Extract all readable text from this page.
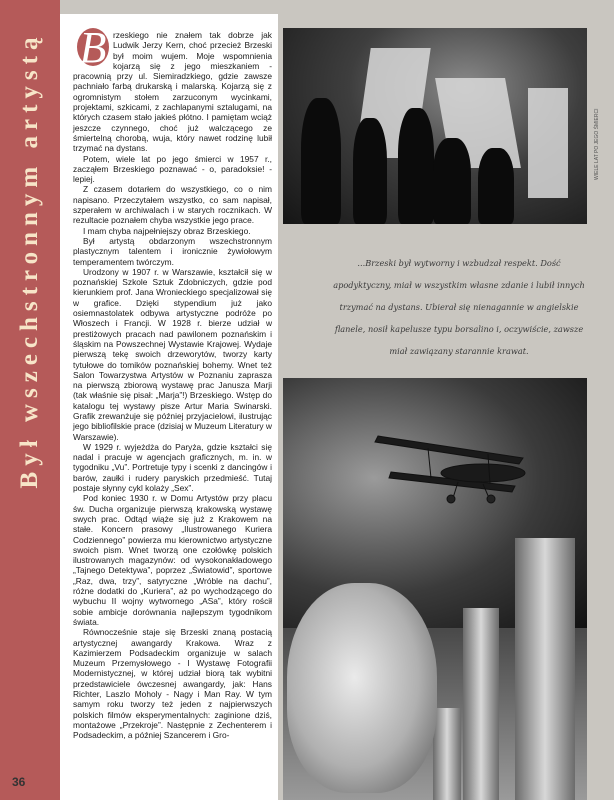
Był wszechstronnym artystą B rzeskiego nie znałem tak dobrze jak Ludwik Jerzy Kern, choć przecież Brzeski był moim wujem. Moje wspomnienia kojarzą się z jego mieszkaniem - pracownią przy ul. Siemiradzkiego, gdzie zawsze pachniało farbą drukarską i malarską. Kojarzą się z ogromnistym stołem zarzuconym wycinkami, projektami, szkicami, z zachlapanymi sztalugami, na których czasem stało jakieś płótno. I pamiętam wciąż jeszcze czynnego, choć już walczącego ze śmiertelną chorobą, wuja, który nawet rodzinę lubił trzymać na dystans.

Potem, wiele lat po jego śmierci w 1957 r., zacząłem Brzeskiego poznawać - o, paradoksie! - lepiej.

Z czasem dotarłem do wszystkiego, co o nim napisano. Przeczytałem wszystko, co sam napisał, szperałem w archiwalach i w starych rocznikach. W rezultacie poznałem chyba wszystkie jego prace.

I mam chyba najpełniejszy obraz Brzeskiego.

Był artystą obdarzonym wszechstronnym plastycznym talentem i ironicznie żywiołowym temperamentem twórczym.

Urodzony w 1907 r. w Warszawie, kształcił się w poznańskiej Szkole Sztuk Zdobniczych, gdzie pod kierunkiem prof. Jana Wronieckiego specjalizował się w grafice. Dzięki stypendium już jako osiemnastolatek odbywa artystyczne podróże po Włoszech i Francji. W 1928 r. bierze udział w prestiżowych pracach nad pawilonem poznańskim i śląskim na Powszechnej Wystawie Krajowej. Wydaje pierwszą tekę swoich drzeworytów, tworzy karty tytułowe do tomików poznańskiej bohemy. Wnet też Salon Towarzystwa Artystów w Poznaniu zaprasza na pierwszą zbiorową wystawę prac Janusza Marji (tak właśnie się pisał: „Marja”!) Brzeskiego. Wstęp do katalogu tej wystawy pisze Artur Maria Swinarski. Grafik zrewanżuje się później przyjacielowi, ilustrując jego bibliofilskie prace (dzisiaj w Muzeum Literatury w Warszawie).

W 1929 r. wyjeżdża do Paryża, gdzie kształci się nadal i pracuje w agencjach graficznych, m. in. w tygodniku „Vu”. Portretuje typy i scenki z dancingów i barów, zaułki i rudery paryskich przedmieść. Tutaj postaje słynny cykl kolaży „Sex”.

Pod koniec 1930 r. w Domu Artystów przy placu św. Ducha organizuje pierwszą krakowską wystawę swych prac. Odtąd wiąże się już z Krakowem na stałe. Koncern prasowy „Ilustrowanego Kuriera Codziennego” powierza mu kierownictwo artystyczne swoich pism. Wnet tworzą one czołówkę polskich ilustrowanych magazynów: od wysokonakładowego „Tajnego Detektywa”, poprzez „Światowid”, sportowe „Raz, dwa, trzy”, satyryczne „Wróble na dachu”, różne dodatki do „Kuriera”, aż po wychodzącego do wybuchu II wojny wytwornego „ASa”, który rościł sobie ambicje dorównania najlepszym tygodnikom świata.

Równocześnie staje się Brzeski znaną postacią artystycznej awangardy Krakowa. Wraz z Kazimierzem Podsadeckim organizuje w salach Muzeum Przemysłowego - I Wystawę Fotografii Modernistycznej, w której udział biorą tak wybitni przedstawiciele ówczesnej awangardy, jak: Hans Richter, Laszlo Moholy - Nagy i Man Ray. W tym samym roku tworzy też jeden z najpierwszych polskich filmów eksperymentalnych: zaginione dziś, montażowe „Przekroje”. Następnie z Zechenterem i Podsadeckim, a później Szancerem i Gro-

WIELE LAT PO JEGO ŚMIERCI
...Brzeski był wytworny i wzbudzał respekt. Dość apodyktyczny, miał w wszystkim własne zdanie i lubił innych trzymać na dystans. Ubierał się nienagannie w angielskie flanele, nosił kapelusze typu borsalino i, oczywiście, zawsze miał zawiązany starannie krawat.
36
